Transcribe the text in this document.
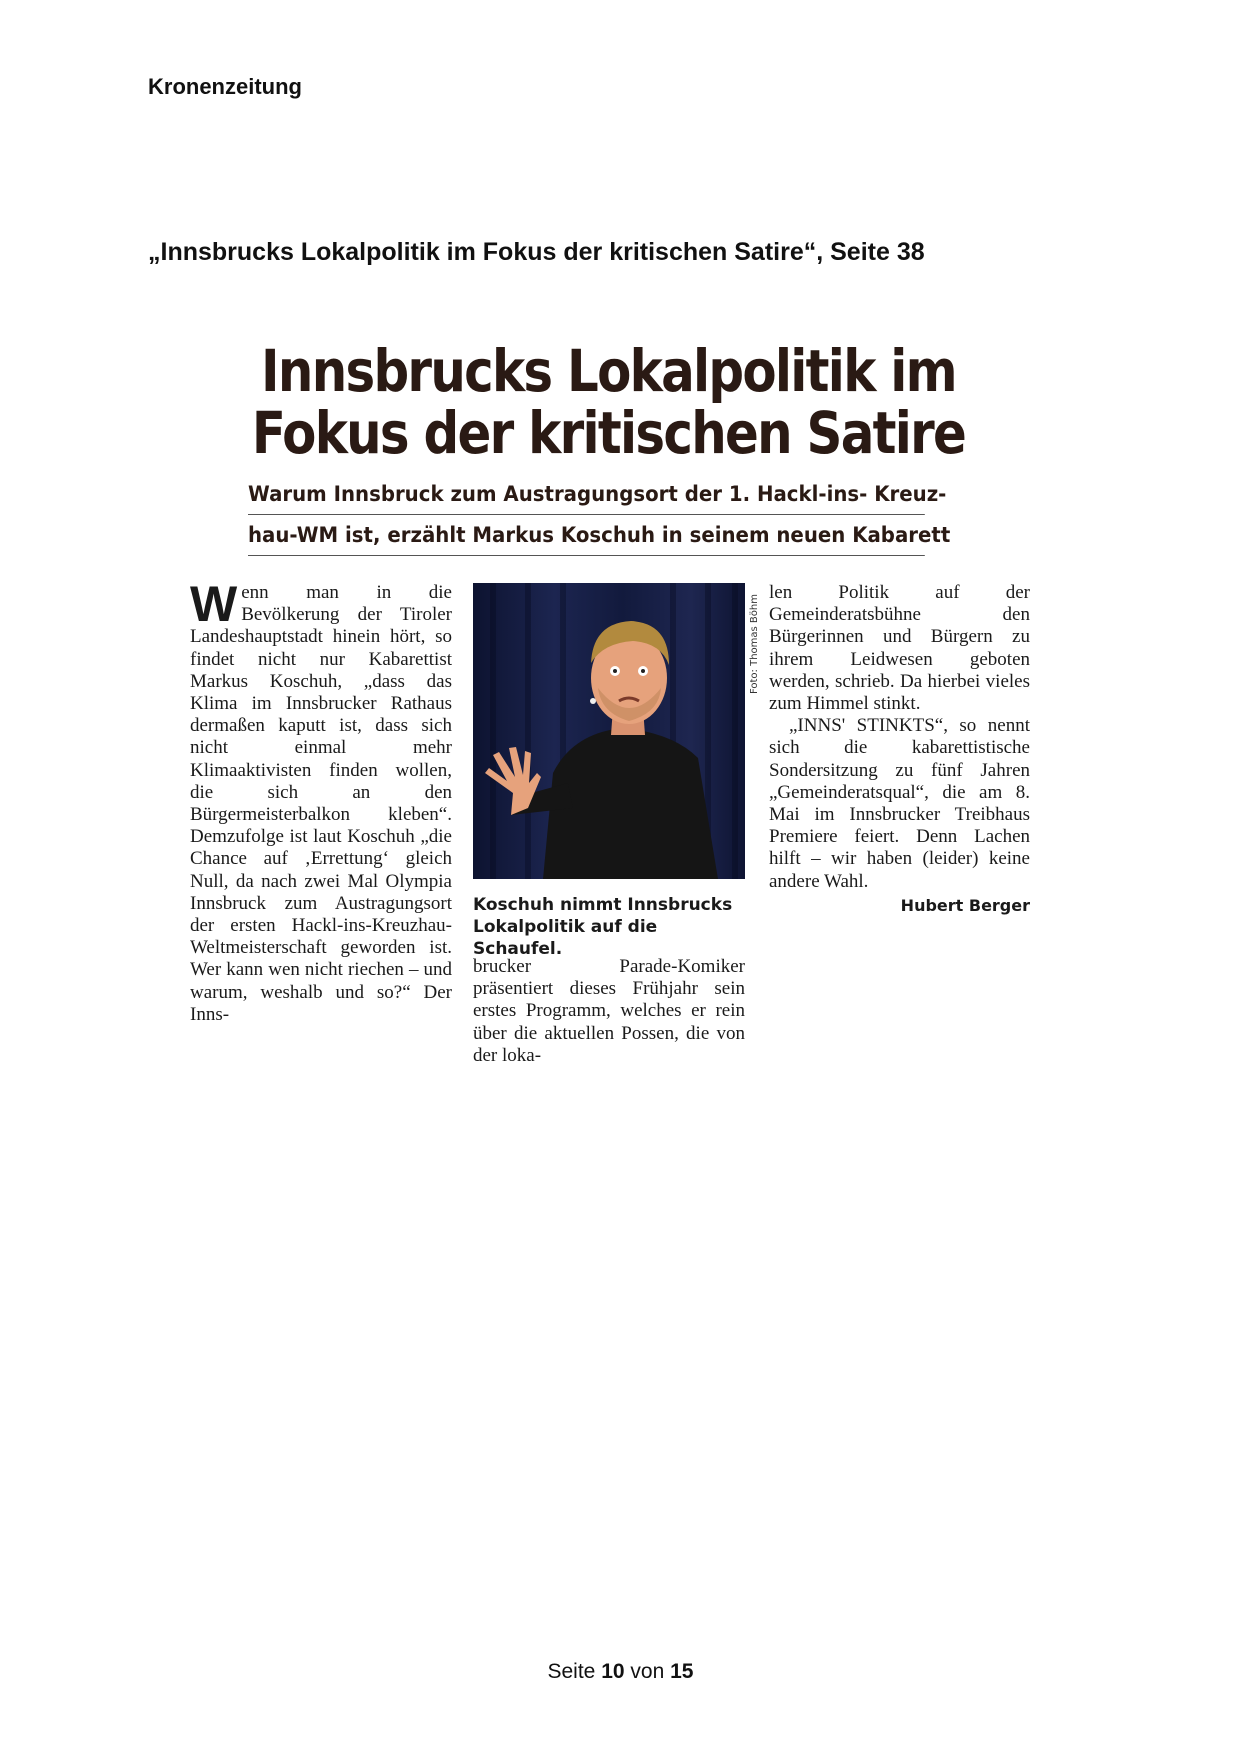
Kronenzeitung
„Innsbrucks Lokalpolitik im Fokus der kritischen Satire“, Seite 38
Innsbrucks Lokalpolitik im
Fokus der kritischen Satire
Warum Innsbruck zum Austragungsort der 1. Hackl-ins- Kreuz-
hau-WM ist, erzählt Markus Koschuh in seinem neuen Kabarett

W enn man in die Bevölkerung der Tiroler Landeshauptstadt hinein hört, so findet nicht nur Kabarettist Markus Koschuh, „dass das Klima im Innsbrucker Rathaus dermaßen kaputt ist, dass sich nicht einmal mehr Klimaaktivisten finden wollen, die sich an den Bürgermeisterbalkon kleben“. Demzufolge ist laut Koschuh „die Chance auf ‚Errettung‘ gleich Null, da nach zwei Mal Olympia Innsbruck zum Austragungsort der ersten Hackl-ins-Kreuzhau-Weltmeisterschaft geworden ist. Wer kann wen nicht riechen – und warum, weshalb und so?“ Der Inns-

Foto: Thomas Böhm
Koschuh nimmt Innsbrucks Lokalpolitik auf die Schaufel.

brucker Parade-Komiker präsentiert dieses Frühjahr sein erstes Programm, welches er rein über die aktuellen Possen, die von der loka-

len Politik auf der Gemeinderatsbühne den Bürgerinnen und Bürgern zu ihrem Leidwesen geboten werden, schrieb. Da hierbei vieles zum Himmel stinkt.

„INNS' STINKTS“, so nennt sich die kabarettistische Sondersitzung zu fünf Jahren „Gemeinderatsqual“, die am 8. Mai im Innsbrucker Treibhaus Premiere feiert. Denn Lachen hilft – wir haben (leider) keine andere Wahl.

Hubert Berger
Seite 10 von 15
